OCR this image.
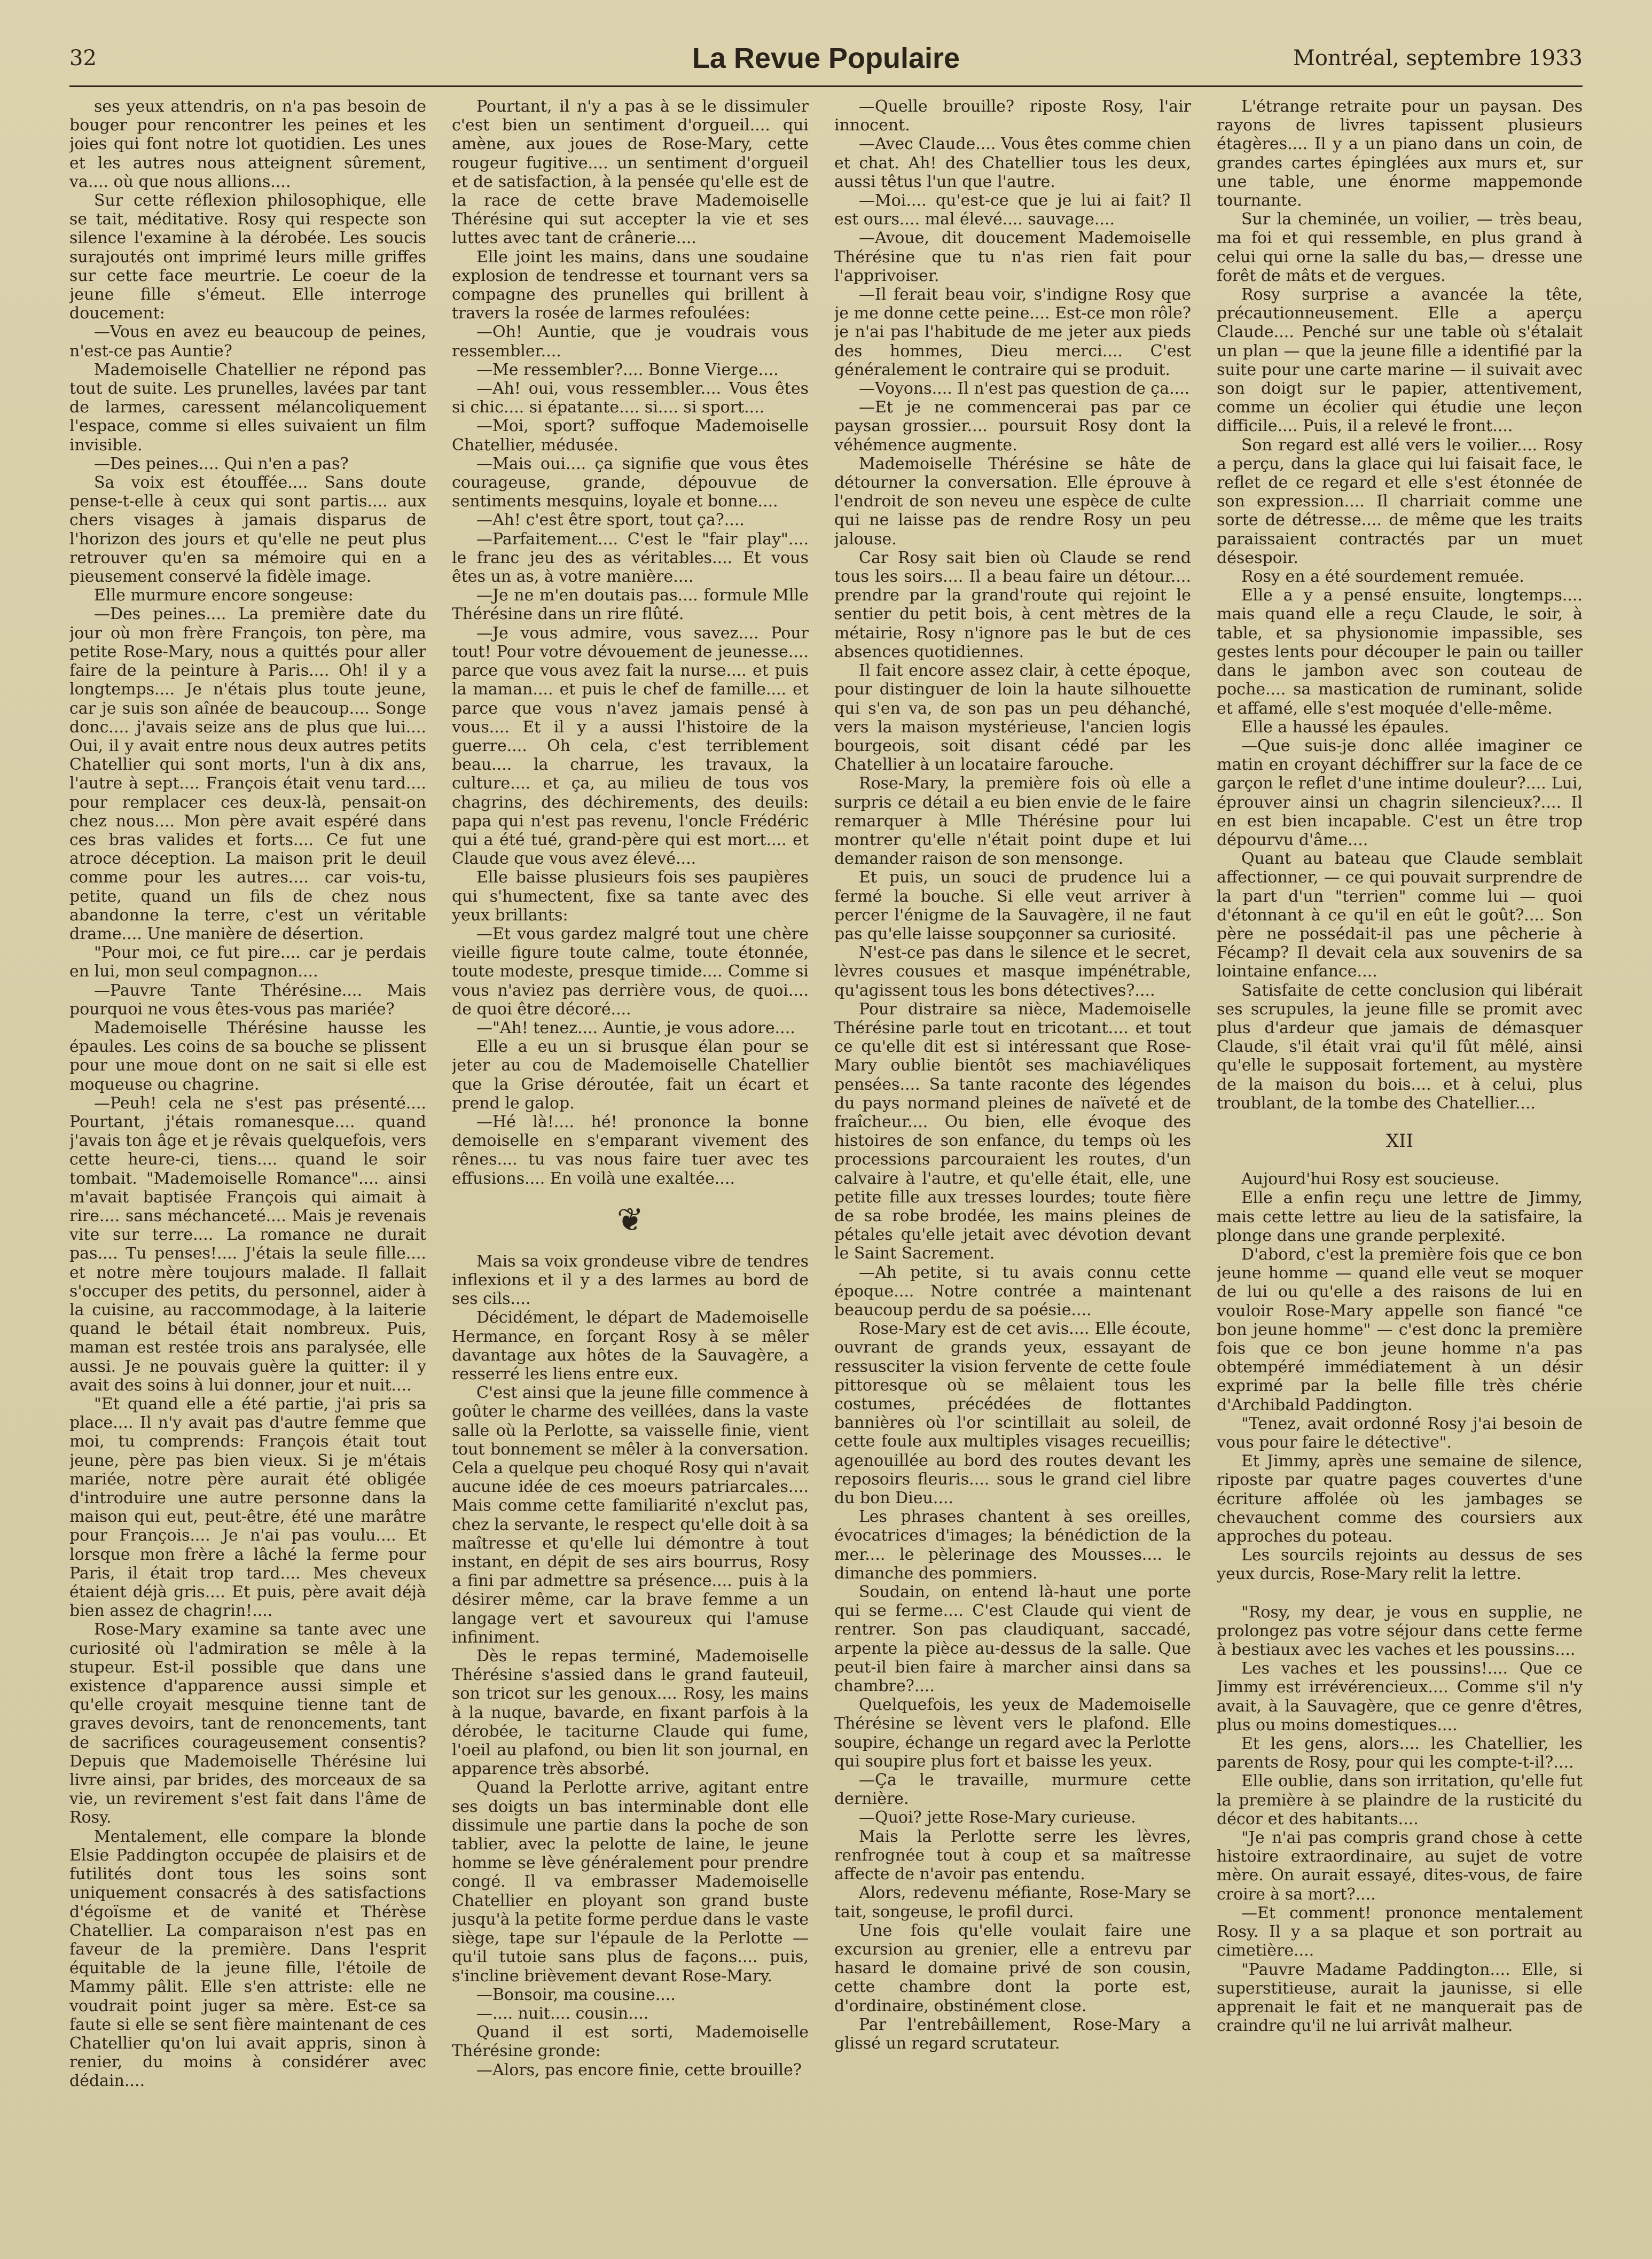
32	La Revue Populaire	Montréal, septembre 1933

ses yeux attendris, on n'a pas besoin de bouger pour rencontrer les peines et les joies qui font notre lot quotidien. Les unes et les autres nous atteignent sûrement, va.... où que nous allions....

Sur cette réflexion philosophique, elle se tait, méditative. Rosy qui respecte son silence l'examine à la dérobée. Les soucis surajoutés ont imprimé leurs mille griffes sur cette face meurtrie. Le coeur de la jeune fille s'émeut. Elle interroge doucement:

—Vous en avez eu beaucoup de peines, n'est-ce pas Auntie?

Mademoiselle Chatellier ne répond pas tout de suite. Les prunelles, lavées par tant de larmes, caressent mélancoliquement l'espace, comme si elles suivaient un film invisible.

—Des peines.... Qui n'en a pas?

Sa voix est étouffée.... Sans doute pense-t-elle à ceux qui sont partis.... aux chers visages à jamais disparus de l'horizon des jours et qu'elle ne peut plus retrouver qu'en sa mémoire qui en a pieusement conservé la fidèle image.

Elle murmure encore songeuse:

—Des peines.... La première date du jour où mon frère François, ton père, ma petite Rose-Mary, nous a quittés pour aller faire de la peinture à Paris.... Oh! il y a longtemps.... Je n'étais plus toute jeune, car je suis son aînée de beaucoup.... Songe donc.... j'avais seize ans de plus que lui.... Oui, il y avait entre nous deux autres petits Chatellier qui sont morts, l'un à dix ans, l'autre à sept.... François était venu tard.... pour remplacer ces deux-là, pensait-on chez nous.... Mon père avait espéré dans ces bras valides et forts.... Ce fut une atroce déception. La maison prit le deuil comme pour les autres.... car vois-tu, petite, quand un fils de chez nous abandonne la terre, c'est un véritable drame.... Une manière de désertion.

"Pour moi, ce fut pire.... car je perdais en lui, mon seul compagnon....

—Pauvre Tante Thérésine.... Mais pourquoi ne vous êtes-vous pas mariée?

Mademoiselle Thérésine hausse les épaules. Les coins de sa bouche se plissent pour une moue dont on ne sait si elle est moqueuse ou chagrine.

—Peuh! cela ne s'est pas présenté.... Pourtant, j'étais romanesque.... quand j'avais ton âge et je rêvais quelquefois, vers cette heure-ci, tiens.... quand le soir tombait. "Mademoiselle Romance".... ainsi m'avait baptisée François qui aimait à rire.... sans méchanceté.... Mais je revenais vite sur terre.... La romance ne durait pas.... Tu penses!.... J'étais la seule fille.... et notre mère toujours malade. Il fallait s'occuper des petits, du personnel, aider à la cuisine, au raccommodage, à la laiterie quand le bétail était nombreux. Puis, maman est restée trois ans paralysée, elle aussi. Je ne pouvais guère la quitter: il y avait des soins à lui donner, jour et nuit....

"Et quand elle a été partie, j'ai pris sa place.... Il n'y avait pas d'autre femme que moi, tu comprends: François était tout jeune, père pas bien vieux. Si je m'étais mariée, notre père aurait été obligée d'introduire une autre personne dans la maison qui eut, peut-être, été une marâtre pour François.... Je n'ai pas voulu.... Et lorsque mon frère a lâché la ferme pour Paris, il était trop tard.... Mes cheveux étaient déjà gris.... Et puis, père avait déjà bien assez de chagrin!....

Rose-Mary examine sa tante avec une curiosité où l'admiration se mêle à la stupeur. Est-il possible que dans une existence d'apparence aussi simple et qu'elle croyait mesquine tienne tant de graves devoirs, tant de renoncements, tant de sacrifices courageusement consentis? Depuis que Mademoiselle Thérésine lui livre ainsi, par brides, des morceaux de sa vie, un revirement s'est fait dans l'âme de Rosy.

Mentalement, elle compare la blonde Elsie Paddington occupée de plaisirs et de futilités dont tous les soins sont uniquement consacrés à des satisfactions d'égoïsme et de vanité et Thérèse Chatellier. La comparaison n'est pas en faveur de la première. Dans l'esprit équitable de la jeune fille, l'étoile de Mammy pâlit. Elle s'en attriste: elle ne voudrait point juger sa mère. Est-ce sa faute si elle se sent fière maintenant de ces Chatellier qu'on lui avait appris, sinon à renier, du moins à considérer avec dédain....

Pourtant, il n'y a pas à se le dissimuler c'est bien un sentiment d'orgueil.... qui amène, aux joues de Rose-Mary, cette rougeur fugitive.... un sentiment d'orgueil et de satisfaction, à la pensée qu'elle est de la race de cette brave Mademoiselle Thérésine qui sut accepter la vie et ses luttes avec tant de crânerie....

Elle joint les mains, dans une soudaine explosion de tendresse et tournant vers sa compagne des prunelles qui brillent à travers la rosée de larmes refoulées:

—Oh! Auntie, que je voudrais vous ressembler....

—Me ressembler?.... Bonne Vierge....

—Ah! oui, vous ressembler.... Vous êtes si chic.... si épatante.... si.... si sport....

—Moi, sport? suffoque Mademoiselle Chatellier, médusée.

—Mais oui.... ça signifie que vous êtes courageuse, grande, dépouvue de sentiments mesquins, loyale et bonne....

—Ah! c'est être sport, tout ça?....

—Parfaitement.... C'est le "fair play".... le franc jeu des as véritables.... Et vous êtes un as, à votre manière....

—Je ne m'en doutais pas.... formule Mlle Thérésine dans un rire flûté.

—Je vous admire, vous savez.... Pour tout! Pour votre dévouement de jeunesse.... parce que vous avez fait la nurse.... et puis la maman.... et puis le chef de famille.... et parce que vous n'avez jamais pensé à vous.... Et il y a aussi l'histoire de la guerre.... Oh cela, c'est terriblement beau.... la charrue, les travaux, la culture.... et ça, au milieu de tous vos chagrins, des déchirements, des deuils: papa qui n'est pas revenu, l'oncle Frédéric qui a été tué, grand-père qui est mort.... et Claude que vous avez élevé....

Elle baisse plusieurs fois ses paupières qui s'humectent, fixe sa tante avec des yeux brillants:

—Et vous gardez malgré tout une chère vieille figure toute calme, toute étonnée, toute modeste, presque timide.... Comme si vous n'aviez pas derrière vous, de quoi.... de quoi être décoré....

—"Ah! tenez.... Auntie, je vous adore....

Elle a eu un si brusque élan pour se jeter au cou de Mademoiselle Chatellier que la Grise déroutée, fait un écart et prend le galop.

—Hé là!.... hé! prononce la bonne demoiselle en s'emparant vivement des rênes.... tu vas nous faire tuer avec tes effusions.... En voilà une exaltée....

❦

Mais sa voix grondeuse vibre de tendres inflexions et il y a des larmes au bord de ses cils....

Décidément, le départ de Mademoiselle Hermance, en forçant Rosy à se mêler davantage aux hôtes de la Sauvagère, a resserré les liens entre eux.

C'est ainsi que la jeune fille commence à goûter le charme des veillées, dans la vaste salle où la Perlotte, sa vaisselle finie, vient tout bonnement se mêler à la conversation. Cela a quelque peu choqué Rosy qui n'avait aucune idée de ces moeurs patriarcales.... Mais comme cette familiarité n'exclut pas, chez la servante, le respect qu'elle doit à sa maîtresse et qu'elle lui démontre à tout instant, en dépit de ses airs bourrus, Rosy a fini par admettre sa présence.... puis à la désirer même, car la brave femme a un langage vert et savoureux qui l'amuse infiniment.

Dès le repas terminé, Mademoiselle Thérésine s'assied dans le grand fauteuil, son tricot sur les genoux.... Rosy, les mains à la nuque, bavarde, en fixant parfois à la dérobée, le taciturne Claude qui fume, l'oeil au plafond, ou bien lit son journal, en apparence très absorbé.

Quand la Perlotte arrive, agitant entre ses doigts un bas interminable dont elle dissimule une partie dans la poche de son tablier, avec la pelotte de laine, le jeune homme se lève généralement pour prendre congé. Il va embrasser Mademoiselle Chatellier en ployant son grand buste jusqu'à la petite forme perdue dans le vaste siège, tape sur l'épaule de la Perlotte — qu'il tutoie sans plus de façons.... puis, s'incline brièvement devant Rose-Mary.

—Bonsoir, ma cousine....

—.... nuit.... cousin....

Quand il est sorti, Mademoiselle Thérésine gronde:

—Alors, pas encore finie, cette brouille?

—Quelle brouille? riposte Rosy, l'air innocent.

—Avec Claude.... Vous êtes comme chien et chat. Ah! des Chatellier tous les deux, aussi têtus l'un que l'autre.

—Moi.... qu'est-ce que je lui ai fait? Il est ours.... mal élevé.... sauvage....

—Avoue, dit doucement Mademoiselle Thérésine que tu n'as rien fait pour l'apprivoiser.

—Il ferait beau voir, s'indigne Rosy que je me donne cette peine.... Est-ce mon rôle? je n'ai pas l'habitude de me jeter aux pieds des hommes, Dieu merci.... C'est généralement le contraire qui se produit.

—Voyons.... Il n'est pas question de ça....

—Et je ne commencerai pas par ce paysan grossier.... poursuit Rosy dont la véhémence augmente.

Mademoiselle Thérésine se hâte de détourner la conversation. Elle éprouve à l'endroit de son neveu une espèce de culte qui ne laisse pas de rendre Rosy un peu jalouse.

Car Rosy sait bien où Claude se rend tous les soirs.... Il a beau faire un détour.... prendre par la grand'route qui rejoint le sentier du petit bois, à cent mètres de la métairie, Rosy n'ignore pas le but de ces absences quotidiennes.

Il fait encore assez clair, à cette époque, pour distinguer de loin la haute silhouette qui s'en va, de son pas un peu déhanché, vers la maison mystérieuse, l'ancien logis bourgeois, soit disant cédé par les Chatellier à un locataire farouche.

Rose-Mary, la première fois où elle a surpris ce détail a eu bien envie de le faire remarquer à Mlle Thérésine pour lui montrer qu'elle n'était point dupe et lui demander raison de son mensonge.

Et puis, un souci de prudence lui a fermé la bouche. Si elle veut arriver à percer l'énigme de la Sauvagère, il ne faut pas qu'elle laisse soupçonner sa curiosité.

N'est-ce pas dans le silence et le secret, lèvres cousues et masque impénétrable, qu'agissent tous les bons détectives?....

Pour distraire sa nièce, Mademoiselle Thérésine parle tout en tricotant.... et tout ce qu'elle dit est si intéressant que Rose-Mary oublie bientôt ses machiavéliques pensées.... Sa tante raconte des légendes du pays normand pleines de naïveté et de fraîcheur.... Ou bien, elle évoque des histoires de son enfance, du temps où les processions parcouraient les routes, d'un calvaire à l'autre, et qu'elle était, elle, une petite fille aux tresses lourdes; toute fière de sa robe brodée, les mains pleines de pétales qu'elle jetait avec dévotion devant le Saint Sacrement.

—Ah petite, si tu avais connu cette époque.... Notre contrée a maintenant beaucoup perdu de sa poésie....

Rose-Mary est de cet avis.... Elle écoute, ouvrant de grands yeux, essayant de ressusciter la vision fervente de cette foule pittoresque où se mêlaient tous les costumes, précédées de flottantes bannières où l'or scintillait au soleil, de cette foule aux multiples visages recueillis; agenouillée au bord des routes devant les reposoirs fleuris.... sous le grand ciel libre du bon Dieu....

Les phrases chantent à ses oreilles, évocatrices d'images; la bénédiction de la mer.... le pèlerinage des Mousses.... le dimanche des pommiers.

Soudain, on entend là-haut une porte qui se ferme.... C'est Claude qui vient de rentrer. Son pas claudiquant, saccadé, arpente la pièce au-dessus de la salle. Que peut-il bien faire à marcher ainsi dans sa chambre?....

Quelquefois, les yeux de Mademoiselle Thérésine se lèvent vers le plafond. Elle soupire, échange un regard avec la Perlotte qui soupire plus fort et baisse les yeux.

—Ça le travaille, murmure cette dernière.

—Quoi? jette Rose-Mary curieuse.

Mais la Perlotte serre les lèvres, renfrognée tout à coup et sa maîtresse affecte de n'avoir pas entendu.

Alors, redevenu méfiante, Rose-Mary se tait, songeuse, le profil durci.

Une fois qu'elle voulait faire une excursion au grenier, elle a entrevu par hasard le domaine privé de son cousin, cette chambre dont la porte est, d'ordinaire, obstinément close.

Par l'entrebâillement, Rose-Mary a glissé un regard scrutateur.

L'étrange retraite pour un paysan. Des rayons de livres tapissent plusieurs étagères.... Il y a un piano dans un coin, de grandes cartes épinglées aux murs et, sur une table, une énorme mappemonde tournante.

Sur la cheminée, un voilier, — très beau, ma foi et qui ressemble, en plus grand à celui qui orne la salle du bas,— dresse une forêt de mâts et de vergues.

Rosy surprise a avancée la tête, précautionneusement. Elle a aperçu Claude.... Penché sur une table où s'étalait un plan — que la jeune fille a identifié par la suite pour une carte marine — il suivait avec son doigt sur le papier, attentivement, comme un écolier qui étudie une leçon difficile.... Puis, il a relevé le front....

Son regard est allé vers le voilier.... Rosy a perçu, dans la glace qui lui faisait face, le reflet de ce regard et elle s'est étonnée de son expression.... Il charriait comme une sorte de détresse.... de même que les traits paraissaient contractés par un muet désespoir.

Rosy en a été sourdement remuée.

Elle a y a pensé ensuite, longtemps.... mais quand elle a reçu Claude, le soir, à table, et sa physionomie impassible, ses gestes lents pour découper le pain ou tailler dans le jambon avec son couteau de poche.... sa mastication de ruminant, solide et affamé, elle s'est moquée d'elle-même.

Elle a haussé les épaules.

—Que suis-je donc allée imaginer ce matin en croyant déchiffrer sur la face de ce garçon le reflet d'une intime douleur?.... Lui, éprouver ainsi un chagrin silencieux?.... Il en est bien incapable. C'est un être trop dépourvu d'âme....

Quant au bateau que Claude semblait affectionner, — ce qui pouvait surprendre de la part d'un "terrien" comme lui — quoi d'étonnant à ce qu'il en eût le goût?.... Son père ne possédait-il pas une pêcherie à Fécamp? Il devait cela aux souvenirs de sa lointaine enfance....

Satisfaite de cette conclusion qui libérait ses scrupules, la jeune fille se promit avec plus d'ardeur que jamais de démasquer Claude, s'il était vrai qu'il fût mêlé, ainsi qu'elle le supposait fortement, au mystère de la maison du bois.... et à celui, plus troublant, de la tombe des Chatellier....

XII

Aujourd'hui Rosy est soucieuse.

Elle a enfin reçu une lettre de Jimmy, mais cette lettre au lieu de la satisfaire, la plonge dans une grande perplexité.

D'abord, c'est la première fois que ce bon jeune homme — quand elle veut se moquer de lui ou qu'elle a des raisons de lui en vouloir Rose-Mary appelle son fiancé "ce bon jeune homme" — c'est donc la première fois que ce bon jeune homme n'a pas obtempéré immédiatement à un désir exprimé par la belle fille très chérie d'Archibald Paddington.

"Tenez, avait ordonné Rosy j'ai besoin de vous pour faire le détective".

Et Jimmy, après une semaine de silence, riposte par quatre pages couvertes d'une écriture affolée où les jambages se chevauchent comme des coursiers aux approches du poteau.

Les sourcils rejoints au dessus de ses yeux durcis, Rose-Mary relit la lettre.

"Rosy, my dear, je vous en supplie, ne prolongez pas votre séjour dans cette ferme à bestiaux avec les vaches et les poussins....

Les vaches et les poussins!.... Que ce Jimmy est irrévérencieux.... Comme s'il n'y avait, à la Sauvagère, que ce genre d'êtres, plus ou moins domestiques....

Et les gens, alors.... les Chatellier, les parents de Rosy, pour qui les compte-t-il?....

Elle oublie, dans son irritation, qu'elle fut la première à se plaindre de la rusticité du décor et des habitants....

"Je n'ai pas compris grand chose à cette histoire extraordinaire, au sujet de votre mère. On aurait essayé, dites-vous, de faire croire à sa mort?....

—Et comment! prononce mentalement Rosy. Il y a sa plaque et son portrait au cimetière....

"Pauvre Madame Paddington.... Elle, si superstitieuse, aurait la jaunisse, si elle apprenait le fait et ne manquerait pas de craindre qu'il ne lui arrivât malheur.
